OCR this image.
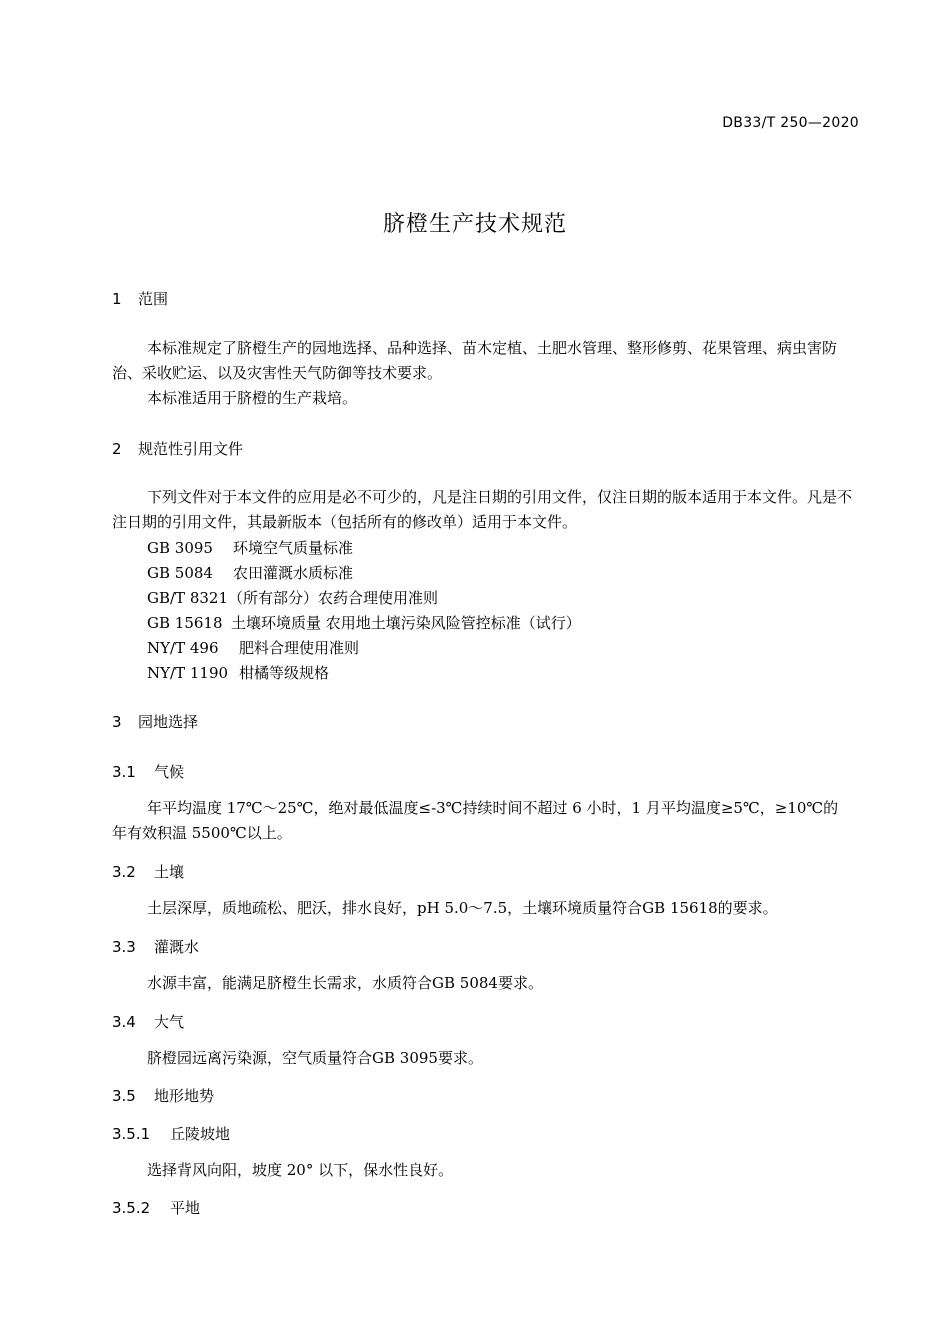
DB33/T 250—2020
脐橙生产技术规范
1 范围
本标准规定了脐橙生产的园地选择、品种选择、苗木定植、土肥水管理、整形修剪、花果管理、病虫害防治、采收贮运、以及灾害性天气防御等技术要求。
本标准适用于脐橙的生产栽培。
2 规范性引用文件
下列文件对于本文件的应用是必不可少的，凡是注日期的引用文件，仅注日期的版本适用于本文件。凡是不注日期的引用文件，其最新版本（包括所有的修改单）适用于本文件。
GB 3095 环境空气质量标准
GB 5084 农田灌溉水质标准
GB/T 8321（所有部分）农药合理使用准则
GB 15618 土壤环境质量 农用地土壤污染风险管控标准（试行）
NY/T 496 肥料合理使用准则
NY/T 1190 柑橘等级规格
3 园地选择
3.1 气候
年平均温度 17℃～25℃，绝对最低温度≤-3℃持续时间不超过 6 小时，1 月平均温度≥5℃，≥10℃的年有效积温 5500℃以上。
3.2 土壤
土层深厚，质地疏松、肥沃，排水良好，pH 5.0～7.5，土壤环境质量符合GB 15618的要求。
3.3 灌溉水
水源丰富，能满足脐橙生长需求，水质符合GB 5084要求。
3.4 大气
脐橙园远离污染源，空气质量符合GB 3095要求。
3.5 地形地势
3.5.1 丘陵坡地
选择背风向阳，坡度 20° 以下，保水性良好。
3.5.2 平地
